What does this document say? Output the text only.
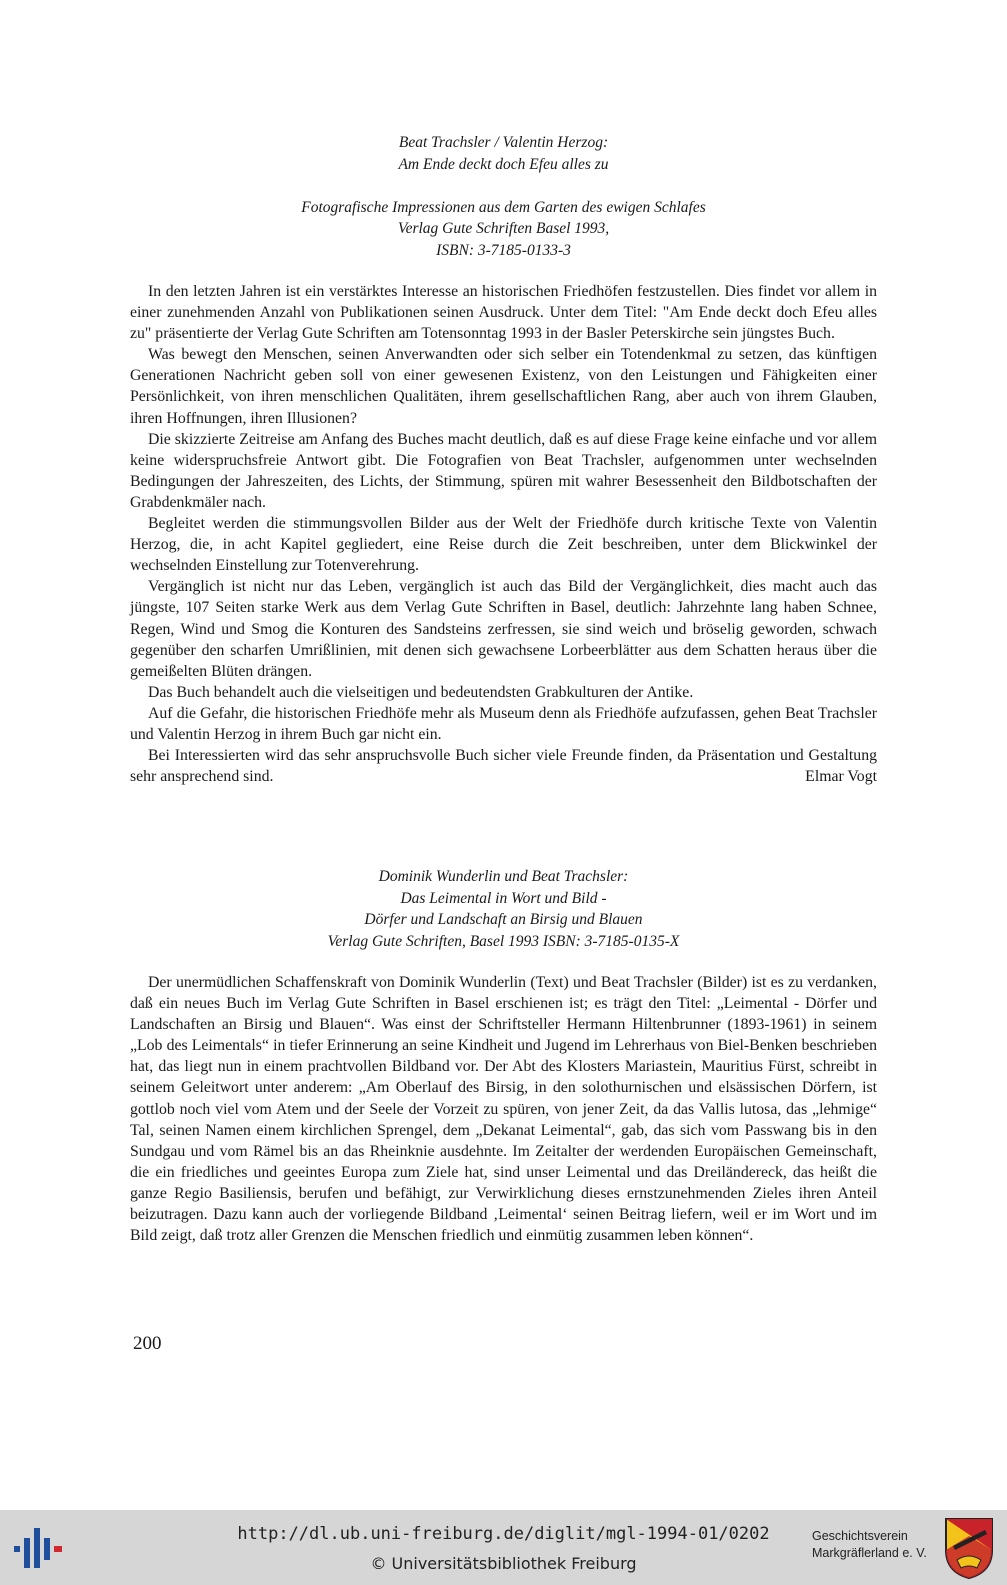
Beat Trachsler / Valentin Herzog:
Am Ende deckt doch Efeu alles zu
Fotografische Impressionen aus dem Garten des ewigen Schlafes
Verlag Gute Schriften Basel 1993,
ISBN: 3-7185-0133-3

In den letzten Jahren ist ein verstärktes Interesse an historischen Friedhöfen festzustellen. Dies findet vor allem in einer zunehmenden Anzahl von Publikationen seinen Ausdruck. Unter dem Titel: "Am Ende deckt doch Efeu alles zu" präsentierte der Verlag Gute Schriften am Totensonntag 1993 in der Basler Peterskirche sein jüngstes Buch.

Was bewegt den Menschen, seinen Anverwandten oder sich selber ein Totendenkmal zu setzen, das künftigen Generationen Nachricht geben soll von einer gewesenen Existenz, von den Leistungen und Fähigkeiten einer Persönlichkeit, von ihren menschlichen Qualitäten, ihrem gesellschaftlichen Rang, aber auch von ihrem Glauben, ihren Hoffnungen, ihren Illusionen?

Die skizzierte Zeitreise am Anfang des Buches macht deutlich, daß es auf diese Frage keine einfache und vor allem keine widerspruchsfreie Antwort gibt. Die Fotografien von Beat Trachsler, aufgenommen unter wechselnden Bedingungen der Jahreszeiten, des Lichts, der Stimmung, spüren mit wahrer Besessenheit den Bildbotschaften der Grabdenkmäler nach.

Begleitet werden die stimmungsvollen Bilder aus der Welt der Friedhöfe durch kritische Texte von Valentin Herzog, die, in acht Kapitel gegliedert, eine Reise durch die Zeit beschreiben, unter dem Blickwinkel der wechselnden Einstellung zur Totenverehrung.

Vergänglich ist nicht nur das Leben, vergänglich ist auch das Bild der Vergänglichkeit, dies macht auch das jüngste, 107 Seiten starke Werk aus dem Verlag Gute Schriften in Basel, deutlich: Jahrzehnte lang haben Schnee, Regen, Wind und Smog die Konturen des Sandsteins zerfressen, sie sind weich und bröselig geworden, schwach gegenüber den scharfen Umrißlinien, mit denen sich gewachsene Lorbeerblätter aus dem Schatten heraus über die gemeißelten Blüten drängen.

Das Buch behandelt auch die vielseitigen und bedeutendsten Grabkulturen der Antike.

Auf die Gefahr, die historischen Friedhöfe mehr als Museum denn als Friedhöfe aufzufassen, gehen Beat Trachsler und Valentin Herzog in ihrem Buch gar nicht ein.

Bei Interessierten wird das sehr anspruchsvolle Buch sicher viele Freunde finden, da Präsentation und Gestaltung sehr ansprechend sind.	Elmar Vogt

Dominik Wunderlin und Beat Trachsler:
Das Leimental in Wort und Bild -
Dörfer und Landschaft an Birsig und Blauen
Verlag Gute Schriften, Basel 1993 ISBN: 3-7185-0135-X

Der unermüdlichen Schaffenskraft von Dominik Wunderlin (Text) und Beat Trachsler (Bilder) ist es zu verdanken, daß ein neues Buch im Verlag Gute Schriften in Basel erschienen ist; es trägt den Titel: „Leimental - Dörfer und Landschaften an Birsig und Blauen“. Was einst der Schriftsteller Hermann Hiltenbrunner (1893-1961) in seinem „Lob des Leimentals“ in tiefer Erinnerung an seine Kindheit und Jugend im Lehrerhaus von Biel-Benken beschrieben hat, das liegt nun in einem prachtvollen Bildband vor. Der Abt des Klosters Mariastein, Mauritius Fürst, schreibt in seinem Geleitwort unter anderem: „Am Oberlauf des Birsig, in den solothurnischen und elsässischen Dörfern, ist gottlob noch viel vom Atem und der Seele der Vorzeit zu spüren, von jener Zeit, da das Vallis lutosa, das „lehmige“ Tal, seinen Namen einem kirchlichen Sprengel, dem „Dekanat Leimental“, gab, das sich vom Passwang bis in den Sundgau und vom Rämel bis an das Rheinknie ausdehnte. Im Zeitalter der werdenden Europäischen Gemeinschaft, die ein friedliches und geeintes Europa zum Ziele hat, sind unser Leimental und das Dreiländereck, das heißt die ganze Regio Basiliensis, berufen und befähigt, zur Verwirklichung dieses ernstzunehmenden Zieles ihren Anteil beizutragen. Dazu kann auch der vorliegende Bildband ‚Leimental‘ seinen Beitrag liefern, weil er im Wort und im Bild zeigt, daß trotz aller Grenzen die Menschen friedlich und einmütig zusammen leben können“.

200
http://dl.ub.uni-freiburg.de/diglit/mgl-1994-01/0202
© Universitätsbibliothek Freiburg
Geschichtsverein
Markgräflerland e. V.
